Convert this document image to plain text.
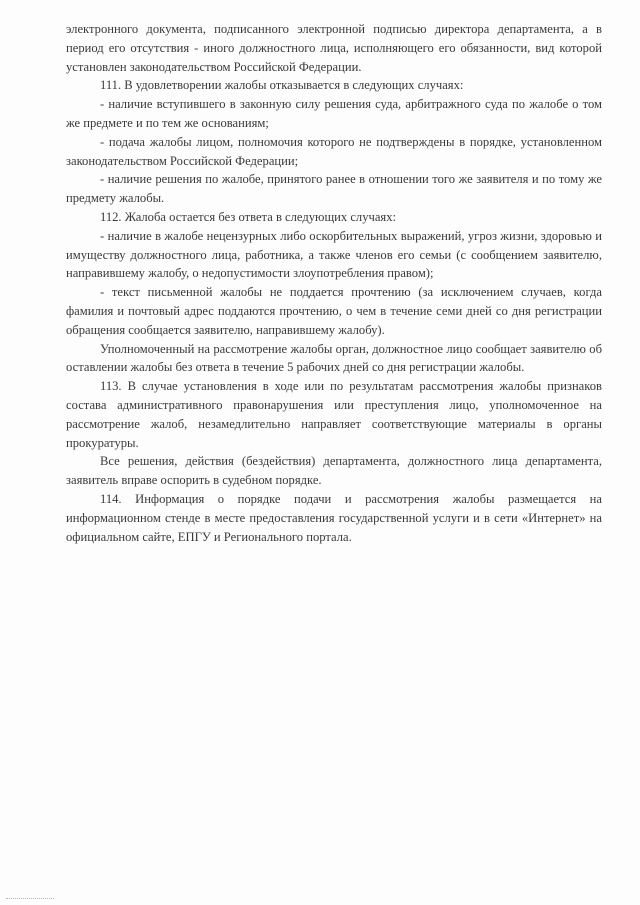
электронного документа, подписанного электронной подписью директора департамента, а в период его отсутствия - иного должностного лица, исполняющего его обязанности, вид которой установлен законодательством Российской Федерации.

111. В удовлетворении жалобы отказывается в следующих случаях:

- наличие вступившего в законную силу решения суда, арбитражного суда по жалобе о том же предмете и по тем же основаниям;

- подача жалобы лицом, полномочия которого не подтверждены в порядке, установленном законодательством Российской Федерации;

- наличие решения по жалобе, принятого ранее в отношении того же заявителя и по тому же предмету жалобы.

112. Жалоба остается без ответа в следующих случаях:

- наличие в жалобе нецензурных либо оскорбительных выражений, угроз жизни, здоровью и имуществу должностного лица, работника, а также членов его семьи (с сообщением заявителю, направившему жалобу, о недопустимости злоупотребления правом);

- текст письменной жалобы не поддается прочтению (за исключением случаев, когда фамилия и почтовый адрес поддаются прочтению, о чем в течение семи дней со дня регистрации обращения сообщается заявителю, направившему жалобу).

Уполномоченный на рассмотрение жалобы орган, должностное лицо сообщает заявителю об оставлении жалобы без ответа в течение 5 рабочих дней со дня регистрации жалобы.

113. В случае установления в ходе или по результатам рассмотрения жалобы признаков состава административного правонарушения или преступления лицо, уполномоченное на рассмотрение жалоб, незамедлительно направляет соответствующие материалы в органы прокуратуры.

Все решения, действия (бездействия) департамента, должностного лица департамента, заявитель вправе оспорить в судебном порядке.

114. Информация о порядке подачи и рассмотрения жалобы размещается на информационном стенде в месте предоставления государственной услуги и в сети «Интернет» на официальном сайте, ЕПГУ и Регионального портала.
